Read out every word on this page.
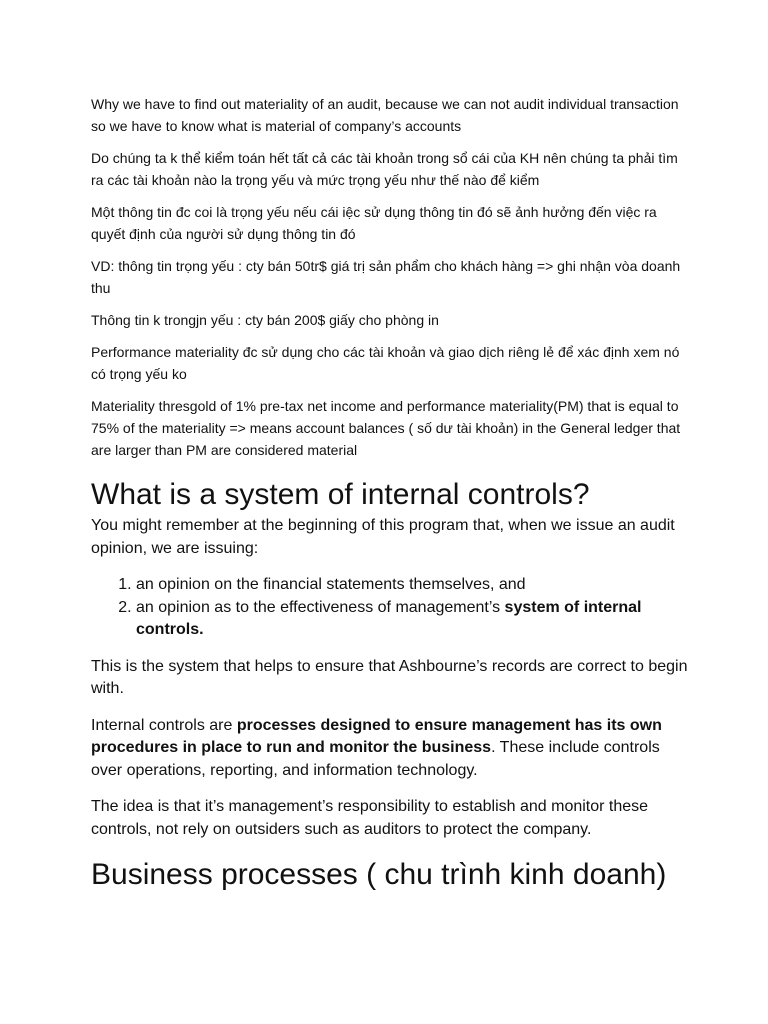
Why we have to find out materiality of an audit, because we can not audit individual transaction so we have to know what is material of company’s accounts

Do chúng ta k thể kiểm toán hết tất cả các tài khoản trong sổ cái của KH nên chúng ta phải tìm ra các tài khoản nào la trọng yếu và mức trọng yếu như thế nào để kiểm

Một thông tin đc coi là trọng yếu nếu cái iệc sử dụng thông tin đó sẽ ảnh hưởng đến việc ra quyết định của người sử dụng thông tin đó

VD: thông tin trọng yếu : cty bán 50tr$ giá trị sản phẩm cho khách hàng => ghi nhận vòa doanh thu

Thông tin k trongjn yếu : cty bán 200$ giấy cho phòng in

Performance materiality đc sử dụng cho các tài khoản và giao dịch riêng lẻ để xác định xem nó có trọng yếu ko

Materiality thresgold of 1% pre-tax net income and performance materiality(PM) that is equal to 75% of the materiality => means account balances ( số dư tài khoản) in the General ledger that are larger than PM are considered material

What is a system of internal controls?

You might remember at the beginning of this program that, when we issue an audit opinion, we are issuing:

1. an opinion on the financial statements themselves, and
2. an opinion as to the effectiveness of management’s system of internal controls.

This is the system that helps to ensure that Ashbourne’s records are correct to begin with.

Internal controls are processes designed to ensure management has its own procedures in place to run and monitor the business. These include controls over operations, reporting, and information technology.

The idea is that it’s management’s responsibility to establish and monitor these controls, not rely on outsiders such as auditors to protect the company.

Business processes ( chu trình kinh doanh)
